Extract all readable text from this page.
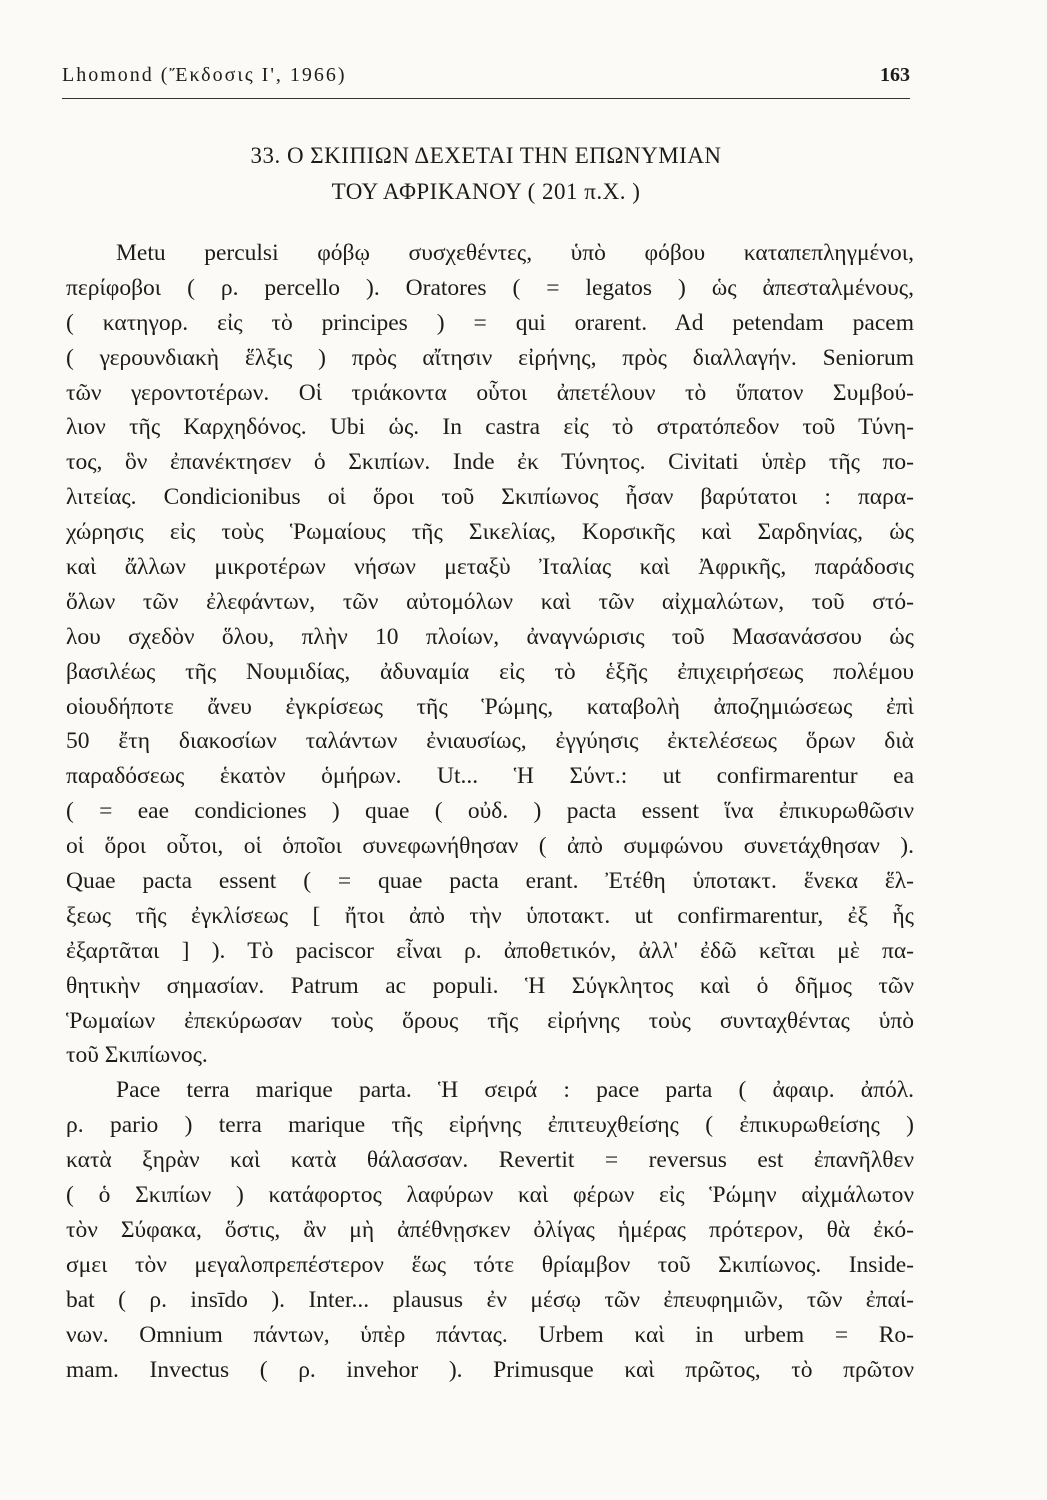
Lhomond (Ἔκδοσις Ι', 1966)	163
33. Ο ΣΚΙΠΙΩΝ ΔΕΧΕΤΑΙ ΤΗΝ ΕΠΩΝΥΜΙΑΝ
ΤΟΥ ΑΦΡΙΚΑΝΟΥ ( 201 π.Χ. )
Metu perculsi φόβῳ συσχεθέντες, ὑπὸ φόβου καταπεπληγμένοι,
περίφοβοι ( ρ. percello ). Oratores ( = legatos ) ὡς ἀπεσταλμένους,
( κατηγορ. εἰς τὸ principes ) = qui orarent. Ad petendam pacem
( γερουνδιακὴ ἕλξις ) πρὸς αἴτησιν εἰρήνης, πρὸς διαλλαγήν. Seniorum
τῶν γεροντοτέρων. Οἱ τριάκοντα οὗτοι ἀπετέλουν τὸ ὕπατον Συμβού-
λιον τῆς Καρχηδόνος. Ubi ὡς. In castra εἰς τὸ στρατόπεδον τοῦ Τύνη-
τος, ὃν ἐπανέκτησεν ὁ Σκιπίων. Inde ἐκ Τύνητος. Civitati ὑπὲρ τῆς πο-
λιτείας. Condicionibus οἱ ὅροι τοῦ Σκιπίωνος ἦσαν βαρύτατοι : παρα-
χώρησις εἰς τοὺς Ῥωμαίους τῆς Σικελίας, Κορσικῆς καὶ Σαρδηνίας, ὡς
καὶ ἄλλων μικροτέρων νήσων μεταξὺ Ἰταλίας καὶ Ἀφρικῆς, παράδοσις
ὅλων τῶν ἐλεφάντων, τῶν αὐτομόλων καὶ τῶν αἰχμαλώτων, τοῦ στό-
λου σχεδὸν ὅλου, πλὴν 10 πλοίων, ἀναγνώρισις τοῦ Μασανάσσου ὡς
βασιλέως τῆς Νουμιδίας, ἀδυναμία εἰς τὸ ἑξῆς ἐπιχειρήσεως πολέμου
οἱουδήποτε ἄνευ ἐγκρίσεως τῆς Ῥώμης, καταβολὴ ἀποζημιώσεως ἐπὶ
50 ἔτη διακοσίων ταλάντων ἐνιαυσίως, ἐγγύησις ἐκτελέσεως ὅρων διὰ
παραδόσεως ἑκατὸν ὁμήρων. Ut... Ἡ Σύντ.: ut confirmarentur ea
( = eae condiciones ) quae ( οὐδ. ) pacta essent ἵνα ἐπικυρωθῶσιν
οἱ ὅροι οὗτοι, οἱ ὁποῖοι συνεφωνήθησαν ( ἀπὸ συμφώνου συνετάχθησαν ).
Quae pacta essent ( = quae pacta erant. Ἐτέθη ὑποτακτ. ἕνεκα ἕλ-
ξεως τῆς ἐγκλίσεως [ ἤτοι ἀπὸ τὴν ὑποτακτ. ut confirmarentur, ἐξ ἧς
ἐξαρτᾶται ] ). Τὸ paciscor εἶναι ρ. ἀποθετικόν, ἀλλ' ἐδῶ κεῖται μὲ πα-
θητικὴν σημασίαν. Patrum ac populi. Ἡ Σύγκλητος καὶ ὁ δῆμος τῶν
Ῥωμαίων ἐπεκύρωσαν τοὺς ὅρους τῆς εἰρήνης τοὺς συνταχθέντας ὑπὸ
τοῦ Σκιπίωνος.
Pace terra marique parta. Ἡ σειρά : pace parta ( ἀφαιρ. ἀπόλ.
ρ. pario ) terra marique τῆς εἰρήνης ἐπιτευχθείσης ( ἐπικυρωθείσης )
κατὰ ξηρὰν καὶ κατὰ θάλασσαν. Revertit = reversus est ἐπανῆλθεν
( ὁ Σκιπίων ) κατάφορτος λαφύρων καὶ φέρων εἰς Ῥώμην αἰχμάλωτον
τὸν Σύφακα, ὅστις, ἂν μὴ ἀπέθνῃσκεν ὀλίγας ἡμέρας πρότερον, θὰ ἐκό-
σμει τὸν μεγαλοπρεπέστερον ἕως τότε θρίαμβον τοῦ Σκιπίωνος. Inside-
bat ( ρ. insīdo ). Inter... plausus ἐν μέσῳ τῶν ἐπευφημιῶν, τῶν ἐπαί-
νων. Omnium πάντων, ὑπὲρ πάντας. Urbem καὶ in urbem = Ro-
mam. Invectus ( ρ. invehor ). Primusque καὶ πρῶτος, τὸ πρῶτον
